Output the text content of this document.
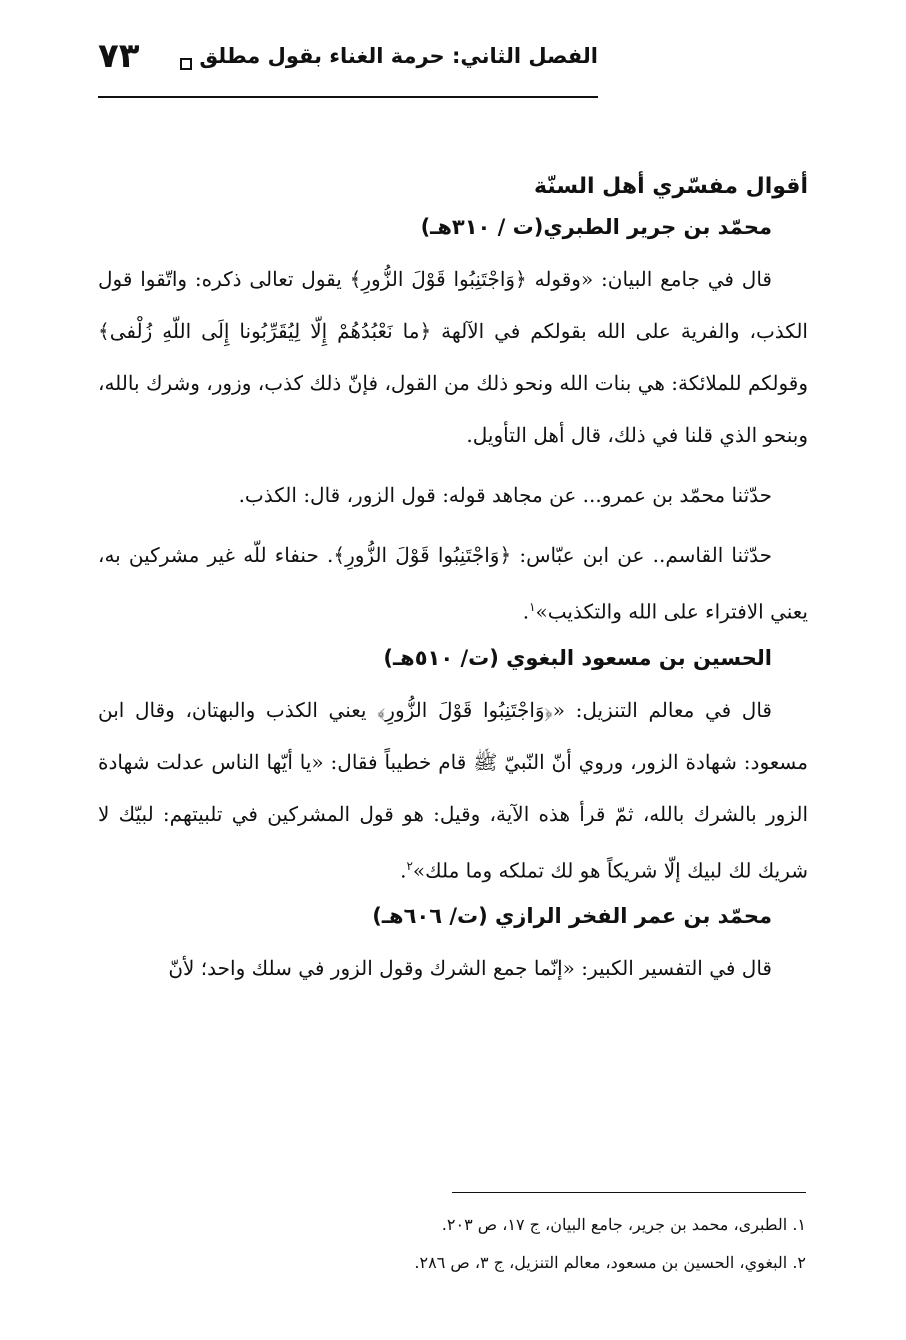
٧٣	الفصل الثاني: حرمة الغناء بقول مطلق
أقوال مفسّري أهل السنّة
محمّد بن جرير الطبري(ت / ٣١٠هـ)

قال في جامع البيان: «وقوله ﴿وَاجْتَنِبُوا قَوْلَ الزُّورِ﴾ يقول تعالى ذكره: واتّقوا قول الكذب، والفرية على الله بقولكم في الآلهة ﴿ما نَعْبُدُهُمْ إِلّا لِيُقَرِّبُونا إِلَى اللّهِ زُلْفى﴾ وقولكم للملائكة: هي بنات الله ونحو ذلك من القول، فإنّ ذلك كذب، وزور، وشرك بالله، وبنحو الذي قلنا في ذلك، قال أهل التأويل.

حدّثنا محمّد بن عمرو... عن مجاهد قوله: قول الزور، قال: الكذب.

حدّثنا القاسم.. عن ابن عبّاس: ﴿وَاجْتَنِبُوا قَوْلَ الزُّورِ﴾. حنفاء للّه غير مشركين به، يعني الافتراء على الله والتكذيب»$^١$.

الحسين بن مسعود البغوي (ت/ ٥١٠هـ)

قال في معالم التنزيل: «﴿وَاجْتَنِبُوا قَوْلَ الزُّورِ﴾ يعني الكذب والبهتان، وقال ابن مسعود: شهادة الزور، وروي أنّ النّبيّ ﷺ قام خطيباً فقال: «يا أيّها الناس عدلت شهادة الزور بالشرك بالله، ثمّ قرأ هذه الآية، وقيل: هو قول المشركين في تلبيتهم: لبيّك لا شريك لك لبيك إلّا شريكاً هو لك تملكه وما ملك»$^٢$.

محمّد بن عمر الفخر الرازي (ت/ ٦٠٦هـ)

قال في التفسير الكبير: «إنّما جمع الشرك وقول الزور في سلك واحد؛ لأنّ

١. الطبرى، محمد بن جرير، جامع البيان، ج ١٧، ص ٢٠٣.
٢. البغوي، الحسين بن مسعود، معالم التنزيل، ج ٣، ص ٢٨٦.
